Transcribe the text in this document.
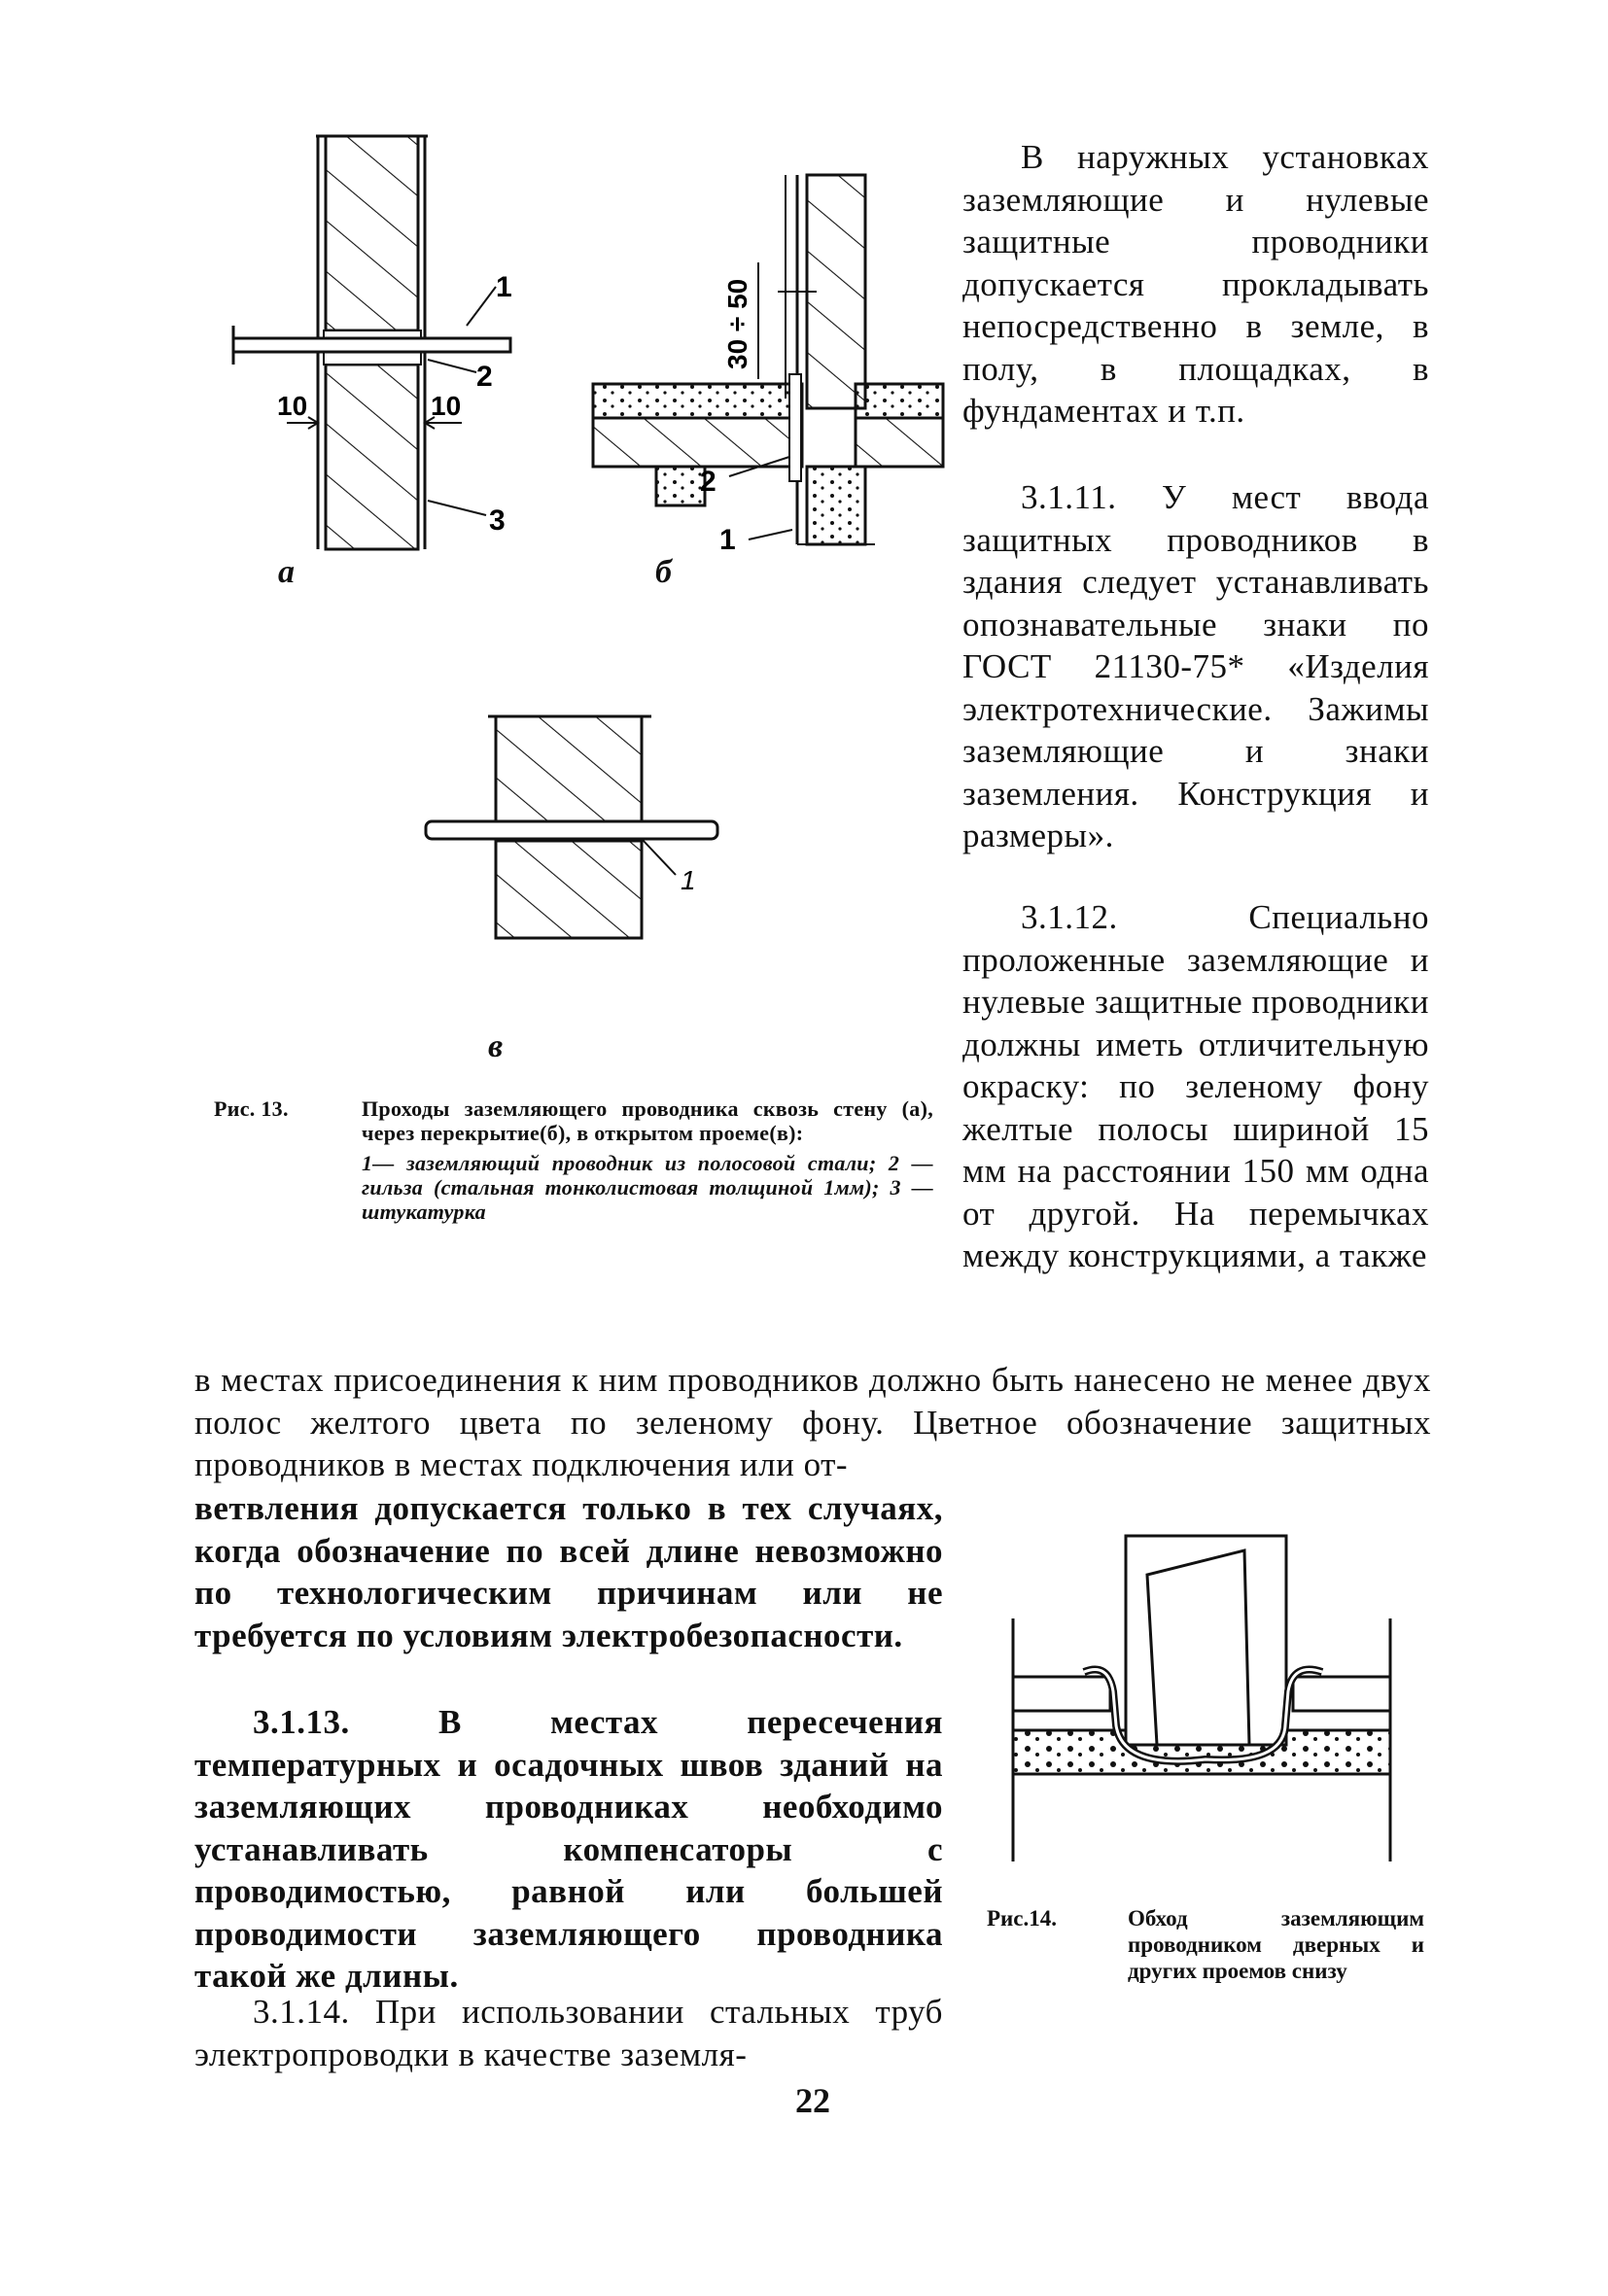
10	10
1
2
3
а
30 ÷ 50
2
1
б
1
в
Рис. 13.	Проходы заземляющего проводника сквозь стену (а), через перекрытие(б), в открытом проеме(в):

1— заземляющий проводник из полосовой стали; 2 — гильза (стальная тонколистовая толщиной 1мм); 3 — штукатурка

В наружных установках заземляющие и нулевые защитные проводники допускается прокладывать непосредственно в земле, в полу, в площадках, в фундаментах и т.п.

3.1.11. У мест ввода защитных проводников в здания следует устанавливать опознавательные знаки по ГОСТ 21130-75* «Изделия электротехнические. Зажимы заземляющие и знаки заземления. Конструкция и размеры».

3.1.12. Специально проложенные заземляющие и нулевые защитные проводники должны иметь отличительную окраску: по зеленому фону желтые полосы шириной 15 мм на расстоянии 150 мм одна от другой. На перемычках между конструкциями, а также

в местах присоединения к ним проводников должно быть нанесено не менее двух полос желтого цвета по зеленому фону. Цветное обозначение защитных проводников в местах подключения или от-

ветвления допускается только в тех случаях, когда обозначение по всей длине невозможно по технологическим причинам или не требуется по условиям электробезопасности.

3.1.13. В местах пересечения температурных и осадочных швов зданий на заземляющих проводниках необходимо устанавливать компенсаторы с проводимостью, равной или большей проводимости заземляющего проводника такой же длины.

3.1.14. При использовании стальных труб электропроводки в качестве заземля-

Рис.14.	Обход заземляющим проводником дверных и других проемов снизу

22
